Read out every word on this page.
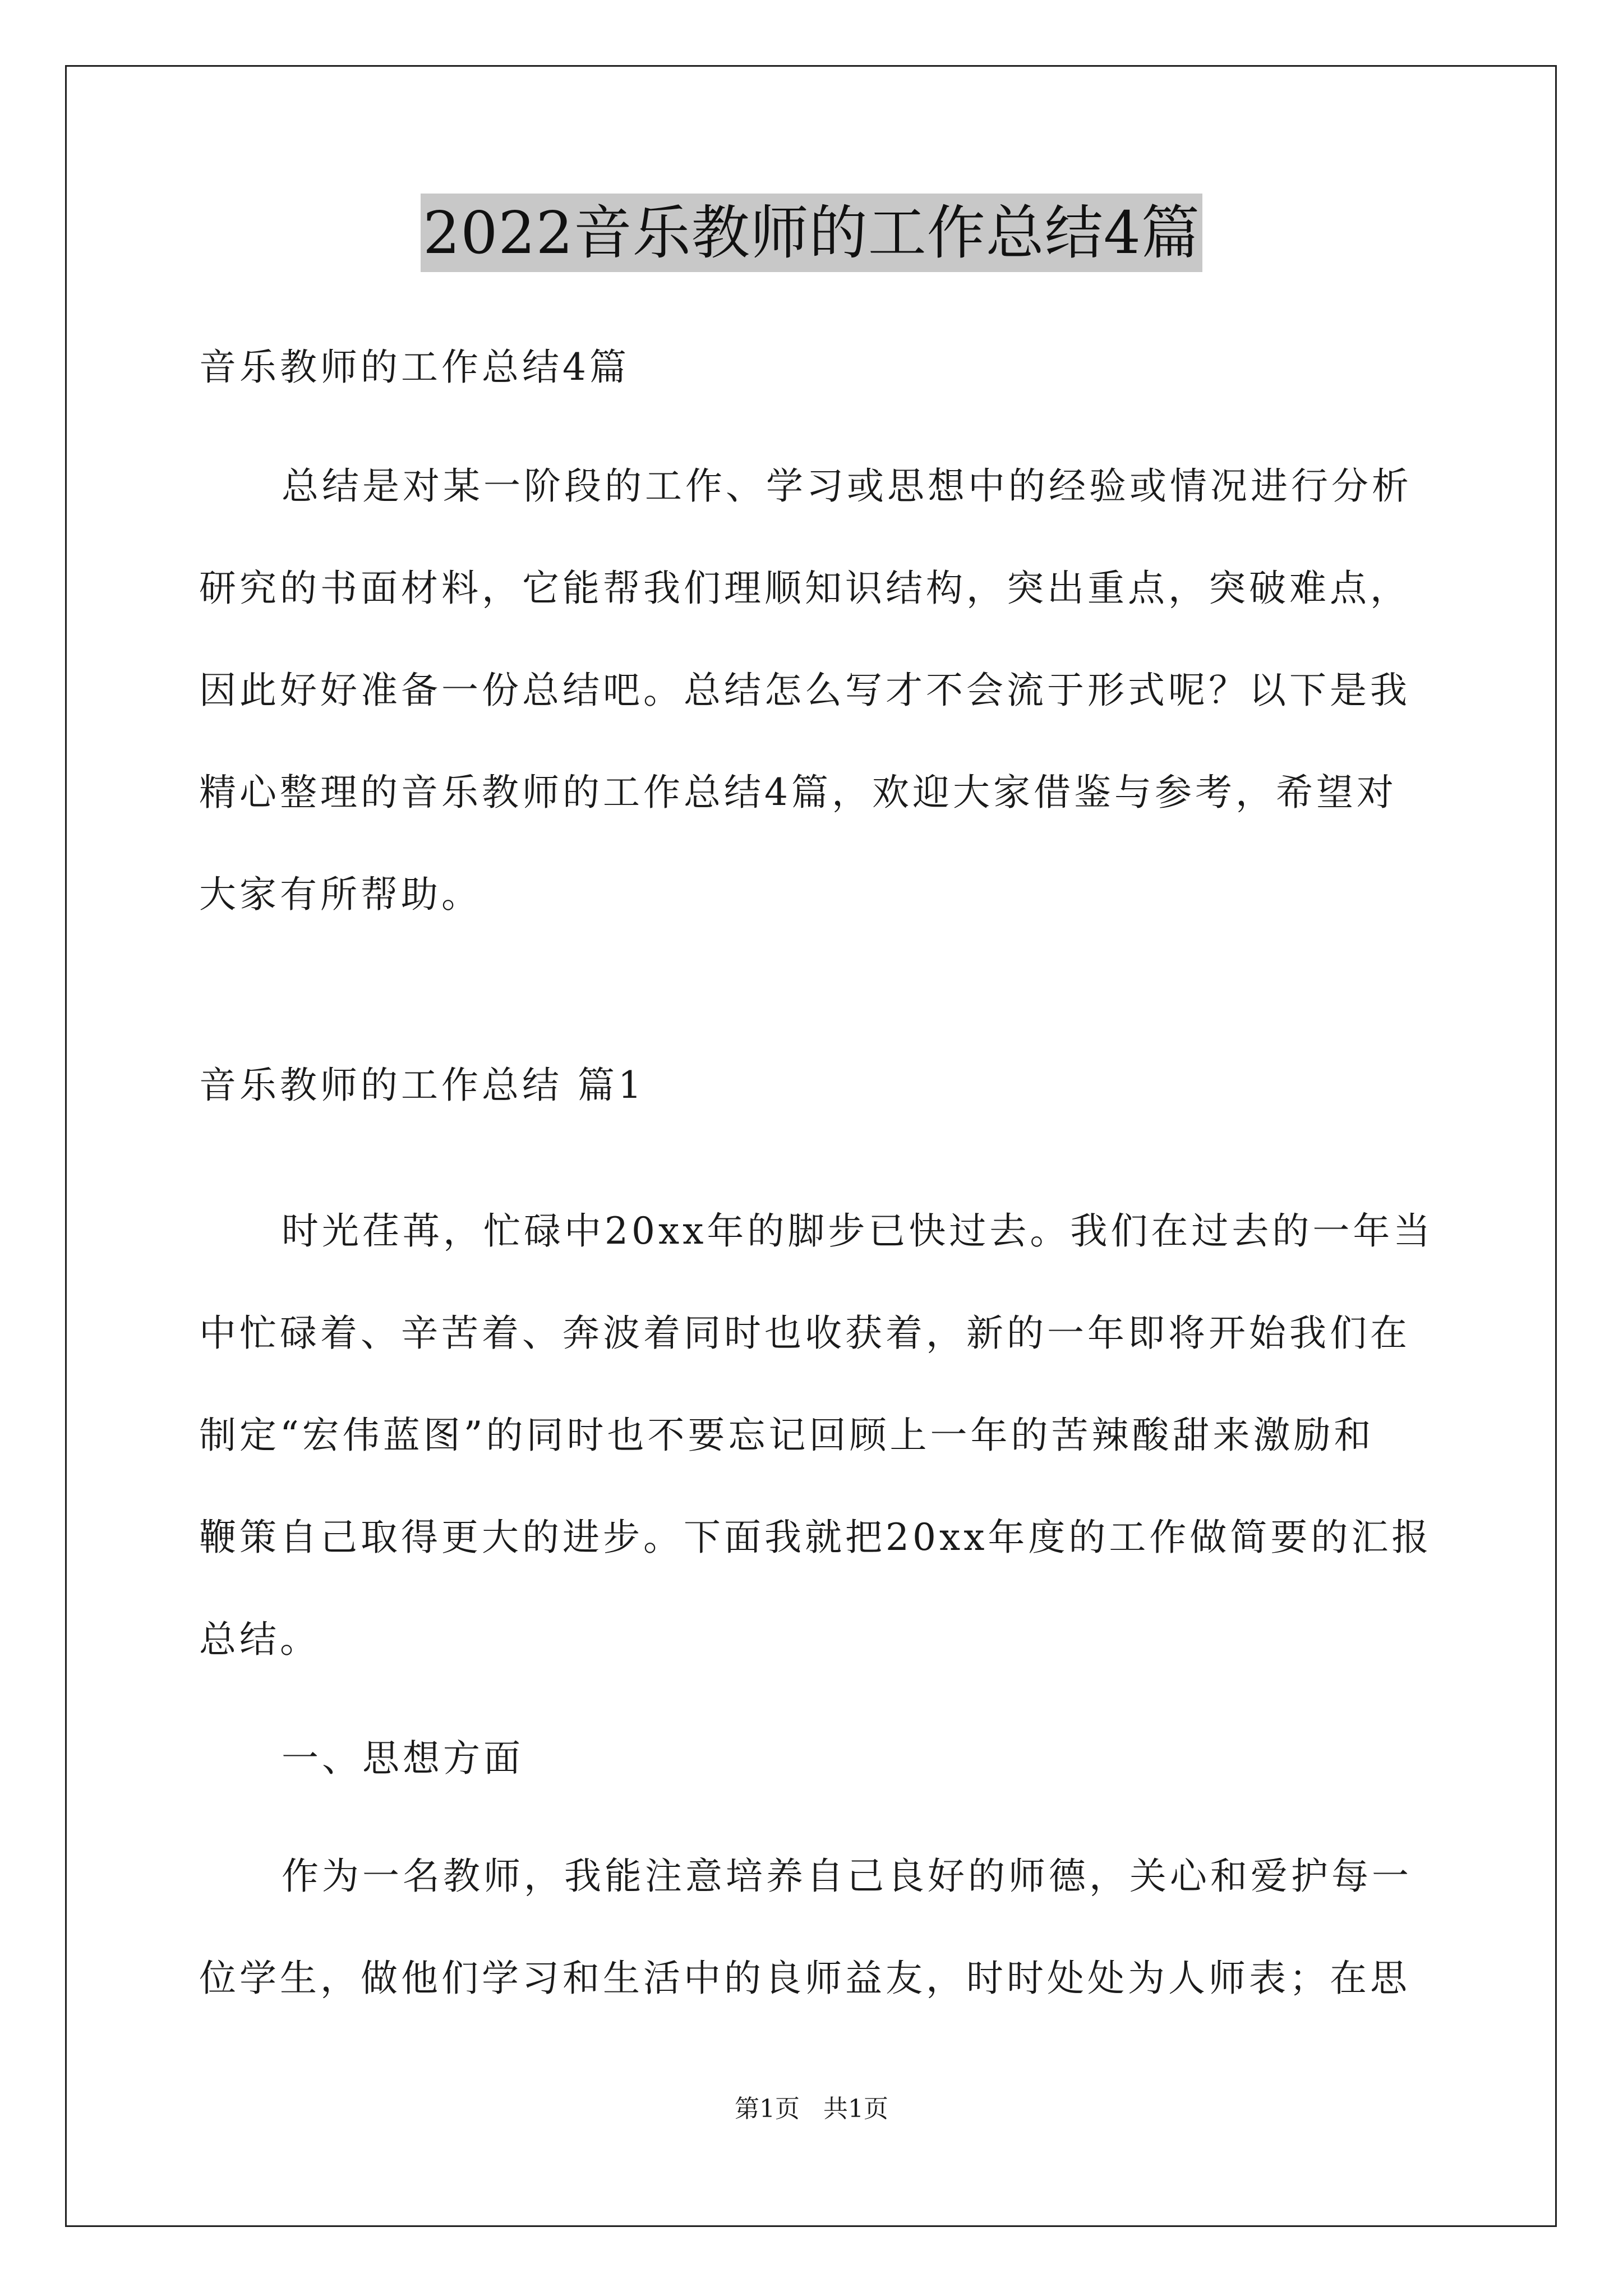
2022音乐教师的工作总结4篇
音乐教师的工作总结4篇
总结是对某一阶段的工作、学习或思想中的经验或情况进行分析
研究的书面材料，它能帮我们理顺知识结构，突出重点，突破难点，
因此好好准备一份总结吧。总结怎么写才不会流于形式呢？以下是我
精心整理的音乐教师的工作总结4篇，欢迎大家借鉴与参考，希望对
大家有所帮助。
音乐教师的工作总结 篇1
时光荏苒，忙碌中20xx年的脚步已快过去。我们在过去的一年当
中忙碌着、辛苦着、奔波着同时也收获着，新的一年即将开始我们在
制定“宏伟蓝图”的同时也不要忘记回顾上一年的苦辣酸甜来激励和
鞭策自己取得更大的进步。下面我就把20xx年度的工作做简要的汇报
总结。
一、思想方面
作为一名教师，我能注意培养自己良好的师德，关心和爱护每一
位学生，做他们学习和生活中的良师益友，时时处处为人师表；在思
第1页   共1页
